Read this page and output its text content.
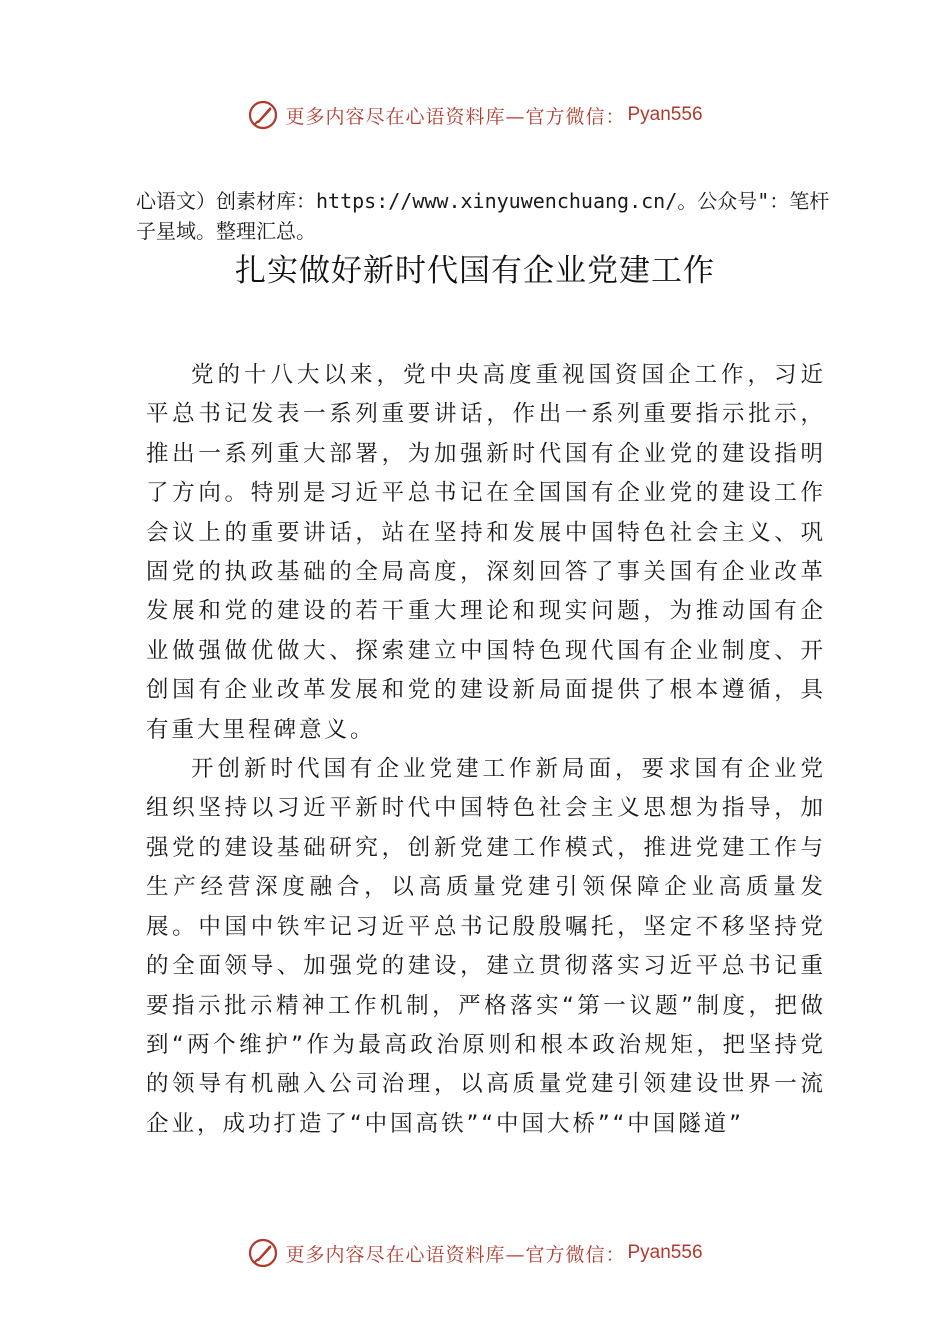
更多内容尽在心语资料库—官方微信： Pyan556

心语文）创素材库：https://www.xinyuwenchuang.cn/。公众号"：笔杆子星域。整理汇总。

扎实做好新时代国有企业党建工作

党的十八大以来，党中央高度重视国资国企工作，习近平总书记发表一系列重要讲话，作出一系列重要指示批示，推出一系列重大部署，为加强新时代国有企业党的建设指明了方向。特别是习近平总书记在全国国有企业党的建设工作会议上的重要讲话，站在坚持和发展中国特色社会主义、巩固党的执政基础的全局高度，深刻回答了事关国有企业改革发展和党的建设的若干重大理论和现实问题，为推动国有企业做强做优做大、探索建立中国特色现代国有企业制度、开创国有企业改革发展和党的建设新局面提供了根本遵循，具有重大里程碑意义。

开创新时代国有企业党建工作新局面，要求国有企业党组织坚持以习近平新时代中国特色社会主义思想为指导，加强党的建设基础研究，创新党建工作模式，推进党建工作与生产经营深度融合，以高质量党建引领保障企业高质量发展。中国中铁牢记习近平总书记殷殷嘱托，坚定不移坚持党的全面领导、加强党的建设，建立贯彻落实习近平总书记重要指示批示精神工作机制，严格落实“第一议题”制度，把做到“两个维护”作为最高政治原则和根本政治规矩，把坚持党 的领导有机融入公司治理，以高质量党建引领建设世界一流企业，成功打造了“中国高铁”“中国大桥”“中国隧道”

更多内容尽在心语资料库—官方微信： Pyan556
